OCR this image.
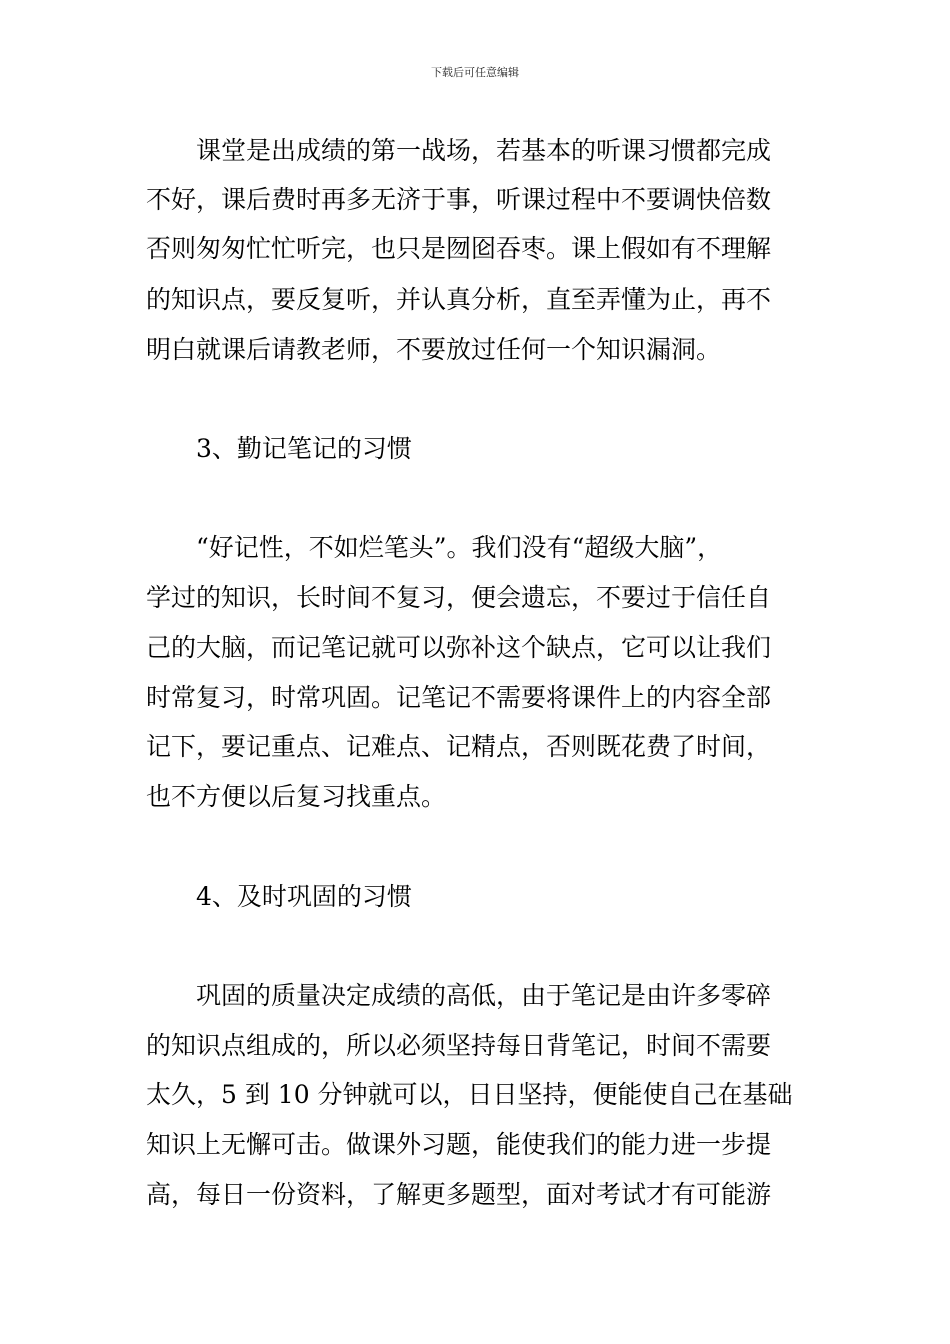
下载后可任意编辑
课堂是出成绩的第一战场，若基本的听课习惯都完成
不好，课后费时再多无济于事，听课过程中不要调快倍数
否则匆匆忙忙听完，也只是囫囵吞枣。课上假如有不理解
的知识点，要反复听，并认真分析，直至弄懂为止，再不
明白就课后请教老师，不要放过任何一个知识漏洞。
3、勤记笔记的习惯
“好记性，不如烂笔头”。我们没有“超级大脑”，
学过的知识，长时间不复习，便会遗忘，不要过于信任自
己的大脑，而记笔记就可以弥补这个缺点，它可以让我们
时常复习，时常巩固。记笔记不需要将课件上的内容全部
记下，要记重点、记难点、记精点，否则既花费了时间，
也不方便以后复习找重点。
4、及时巩固的习惯
巩固的质量决定成绩的高低，由于笔记是由许多零碎
的知识点组成的，所以必须坚持每日背笔记，时间不需要
太久，5 到 10 分钟就可以，日日坚持，便能使自己在基础
知识上无懈可击。做课外习题，能使我们的能力进一步提
高，每日一份资料，了解更多题型，面对考试才有可能游
